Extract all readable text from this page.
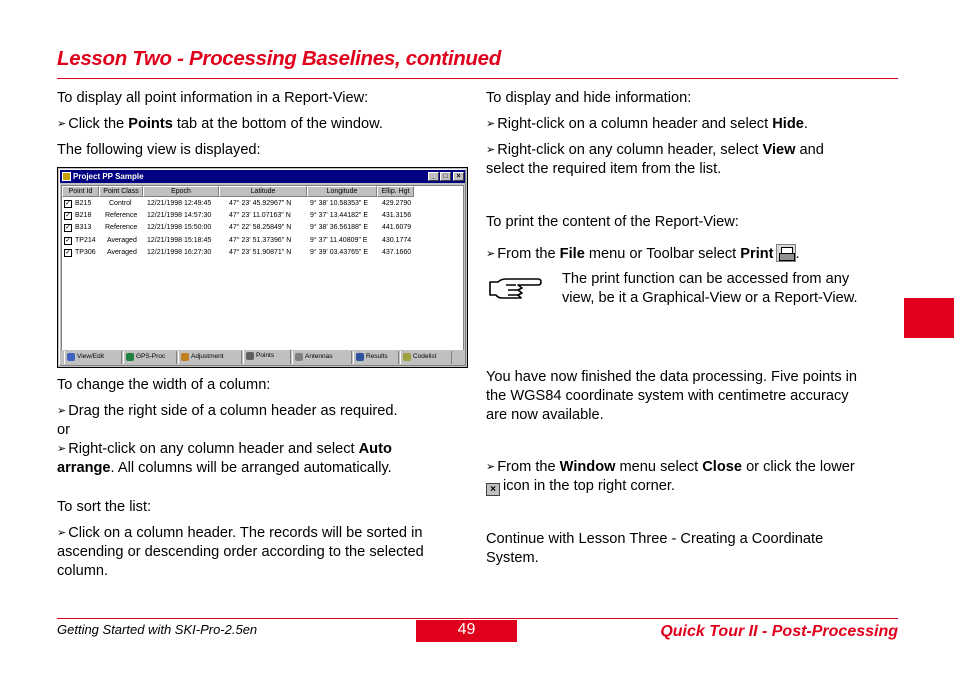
Lesson Two - Processing Baselines, continued
To display all point information in a Report-View:
➢ Click the Points tab at the bottom of the window.
The following view is displayed:
To change the width of a column:
➢ Drag the right side of a column header as required.
or
➢ Right-click on any column header and select Auto
arrange. All columns will be arranged automatically.
To sort the list:
➢ Click on a column header. The records will be sorted in
ascending or descending order according to the selected
column.
Project PP Sample	_	□	×
Point Id	Point Class	Epoch	Latitude	Longitude	Ellip. Hgt
✓ B215	Control 12/21/1998 12:49:45	47° 23' 45.92967" N	9° 38' 10.58353" E 429.2790
✓ B218 Reference 12/21/1998 14:57:30	47° 23' 11.07163" N	9° 37' 13.44182" E 431.3156
✓ B313 Reference 12/21/1998 15:50:00	47° 22' 58.25849" N	9° 38' 36.56188" E 441.6079
✓ TP214 Averaged 12/21/1998 15:18:45	47° 23' 51.37396" N	9° 37' 11.40809" E 430.1774
✓ TP306 Averaged 12/21/1998 16:27:30	47° 23' 51.90871" N	9° 39' 03.43765" E 437.1660
View/Edit	GPS-Proc	Adjustment	Points	Antennas	Results	Codelist
To display and hide information:
➢ Right-click on a column header and select Hide.
➢ Right-click on any column header, select View and
select the required item from the list.
To print the content of the Report-View:
➢ From the File menu or Toolbar select Print .
The print function can be accessed from any
view, be it a Graphical-View or a Report-View.
You have now finished the data processing. Five points in
the WGS84 coordinate system with centimetre accuracy
are now available.
➢ From the Window menu select Close or click the lower
× icon in the top right corner.
Continue with Lesson Three - Creating a Coordinate
System.
Getting Started with SKI-Pro-2.5en	49	Quick Tour II - Post-Processing
